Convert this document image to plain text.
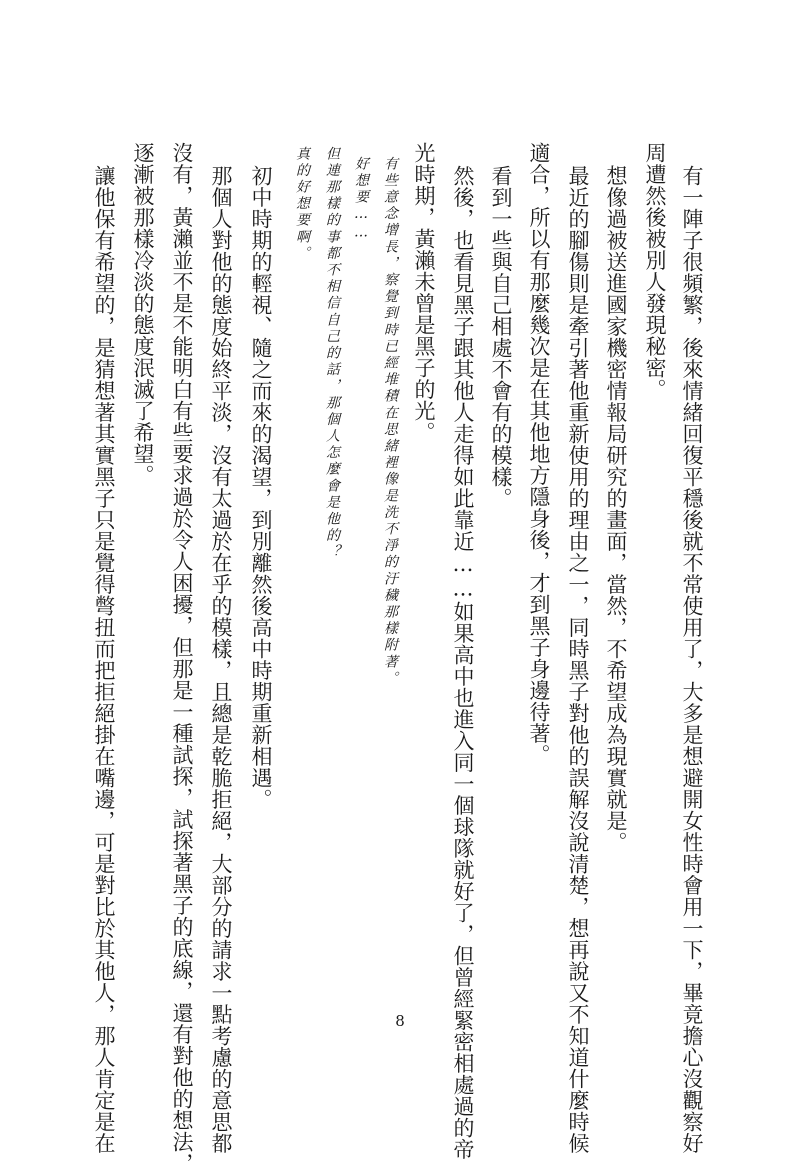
有一陣子很頻繁，後來情緒回復平穩後就不常使用了，大多是想避開女性時會用一下，畢竟擔心沒觀察好
周遭然後被別人發現秘密。
想像過被送進國家機密情報局研究的畫面，當然，不希望成為現實就是。
最近的腳傷則是牽引著他重新使用的理由之一，同時黑子對他的誤解沒說清楚，想再說又不知道什麼時候
適合，所以有那麼幾次是在其他地方隱身後，才到黑子身邊待著。
看到一些與自己相處不會有的模樣。
然後，也看見黑子跟其他人走得如此靠近……如果高中也進入同一個球隊就好了，但曾經緊密相處過的帝
光時期，黃瀨未曾是黑子的光。
有些意念增長，察覺到時已經堆積在思緒裡像是洗不淨的汙穢那樣附著。
好想要……
但連那樣的事都不相信自己的話，那個人怎麼會是他的？
真的好想要啊。
初中時期的輕視、隨之而來的渴望，到別離然後高中時期重新相遇。
那個人對他的態度始終平淡，沒有太過於在乎的模樣，且總是乾脆拒絕，大部分的請求一點考慮的意思都
沒有，黃瀨並不是不能明白有些要求過於令人困擾，但那是一種試探，試探著黑子的底線，還有對他的想法，
逐漸被那樣冷淡的態度泯滅了希望。
讓他保有希望的，是猜想著其實黑子只是覺得彆扭而把拒絕掛在嘴邊，可是對比於其他人，那人肯定是在	8
